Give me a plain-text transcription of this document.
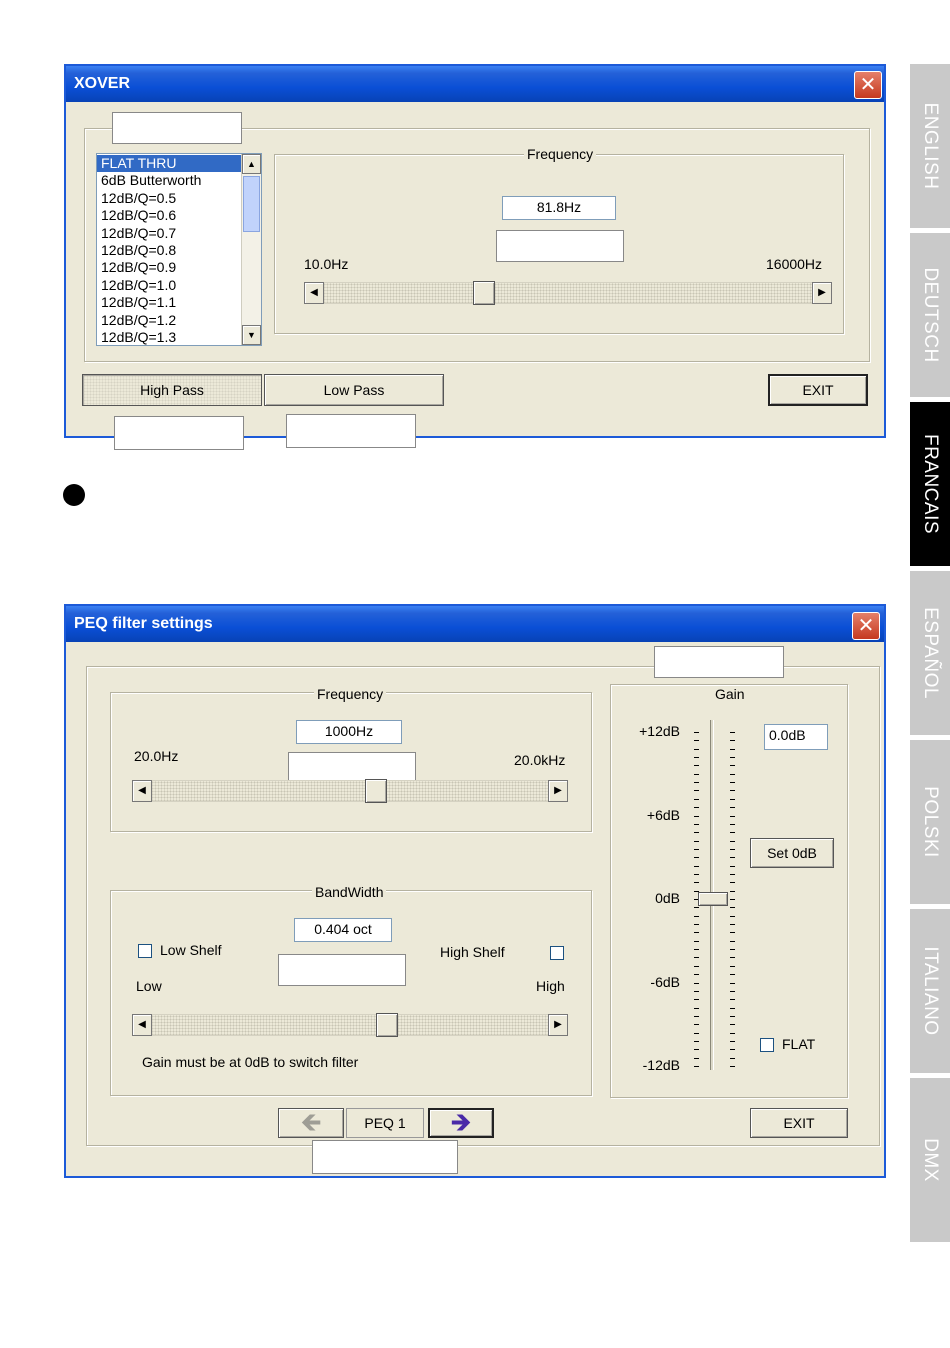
XOVER	✕
FLAT THRU
6dB Butterworth
12dB/Q=0.5
12dB/Q=0.6
12dB/Q=0.7
12dB/Q=0.8
12dB/Q=0.9
12dB/Q=1.0
12dB/Q=1.1
12dB/Q=1.2
12dB/Q=1.3
▲
▼
Frequency
81.8Hz
10.0Hz	16000Hz
◀	▶
High Pass	Low Pass	EXIT
PEQ filter settings	✕
Frequency
1000Hz
20.0Hz	20.0kHz
◀	▶
BandWidth
0.404 oct
Low Shelf	High Shelf
Low	High
◀	▶
Gain must be at 0dB to switch filter
Gain
+12dB
+6dB
0dB
-6dB
-12dB
0.0dB
Set 0dB
FLAT
🡸	PEQ 1	🡺	EXIT
ENGLISH
DEUTSCH
FRANCAIS
ESPAÑOL
POLSKI
ITALIANO
DMX
